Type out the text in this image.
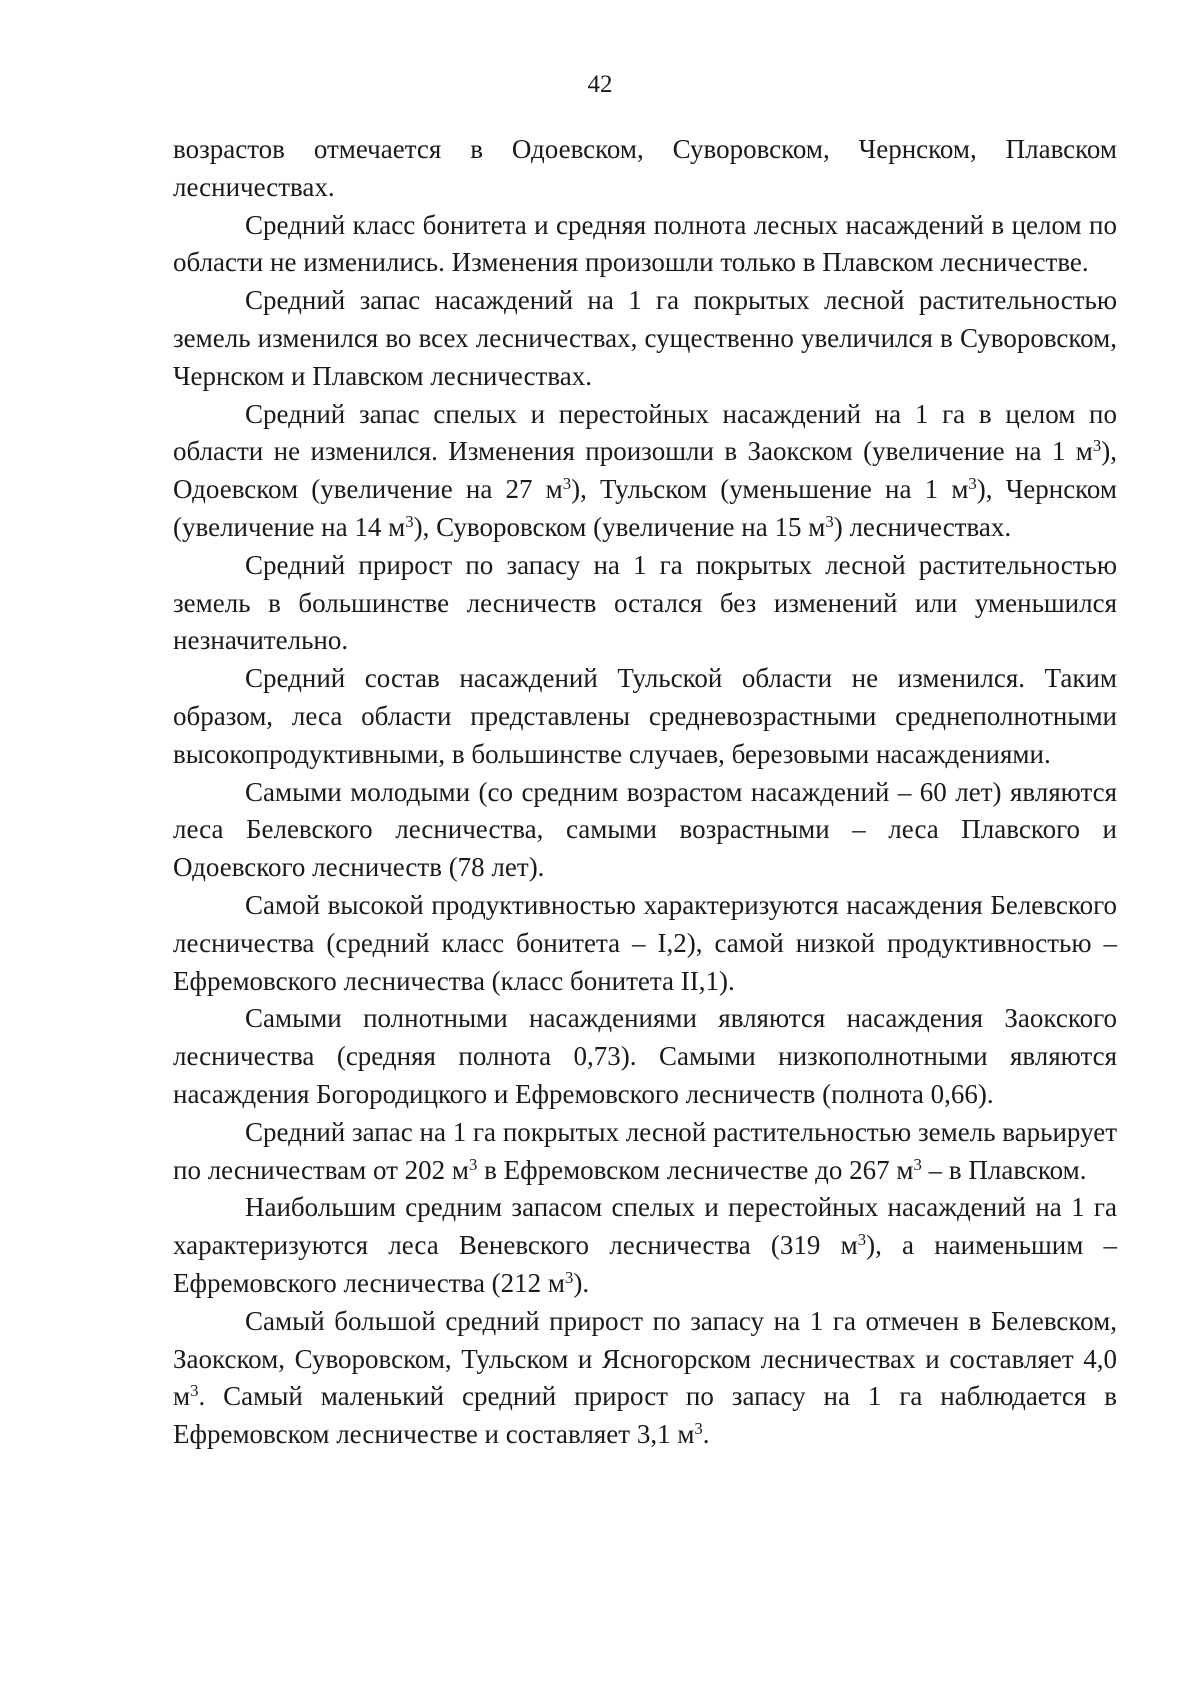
42

возрастов отмечается в Одоевском, Суворовском, Чернском, Плавском лесничествах.

Средний класс бонитета и средняя полнота лесных насаждений в целом по области не изменились. Изменения произошли только в Плавском лесничестве.

Средний запас насаждений на 1 га покрытых лесной растительностью земель изменился во всех лесничествах, существенно увеличился в Суворовском, Чернском и Плавском лесничествах.

Средний запас спелых и перестойных насаждений на 1 га в целом по области не изменился. Изменения произошли в Заокском (увеличение на 1 $м^3$), Одоевском (увеличение на 27 $м^3$), Тульском (уменьшение на 1 $м^3$), Чернском (увеличение на 14 $м^3$), Суворовском (увеличение на 15 $м^3$) лесничествах.

Средний прирост по запасу на 1 га покрытых лесной растительностью земель в большинстве лесничеств остался без изменений или уменьшился незначительно.

Средний состав насаждений Тульской области не изменился. Таким образом, леса области представлены средневозрастными среднеполнотными высокопродуктивными, в большинстве случаев, березовыми насаждениями.

Самыми молодыми (со средним возрастом насаждений – 60 лет) являются леса Белевского лесничества, самыми возрастными – леса Плавского и Одоевского лесничеств (78 лет).

Самой высокой продуктивностью характеризуются насаждения Белевского лесничества (средний класс бонитета – I,2), самой низкой продуктивностью – Ефремовского лесничества (класс бонитета II,1).

Самыми полнотными насаждениями являются насаждения Заокского лесничества (средняя полнота 0,73). Самыми низкополнотными являются насаждения Богородицкого и Ефремовского лесничеств (полнота 0,66).

Средний запас на 1 га покрытых лесной растительностью земель варьирует по лесничествам от 202 $м^3$ в Ефремовском лесничестве до 267 $м^3$ – в Плавском.

Наибольшим средним запасом спелых и перестойных насаждений на 1 га характеризуются леса Веневского лесничества (319 $м^3$), а наименьшим – Ефремовского лесничества (212 $м^3$).

Самый большой средний прирост по запасу на 1 га отмечен в Белевском, Заокском, Суворовском, Тульском и Ясногорском лесничествах и составляет 4,0 $м^3$. Самый маленький средний прирост по запасу на 1 га наблюдается в Ефремовском лесничестве и составляет 3,1 $м^3$.
